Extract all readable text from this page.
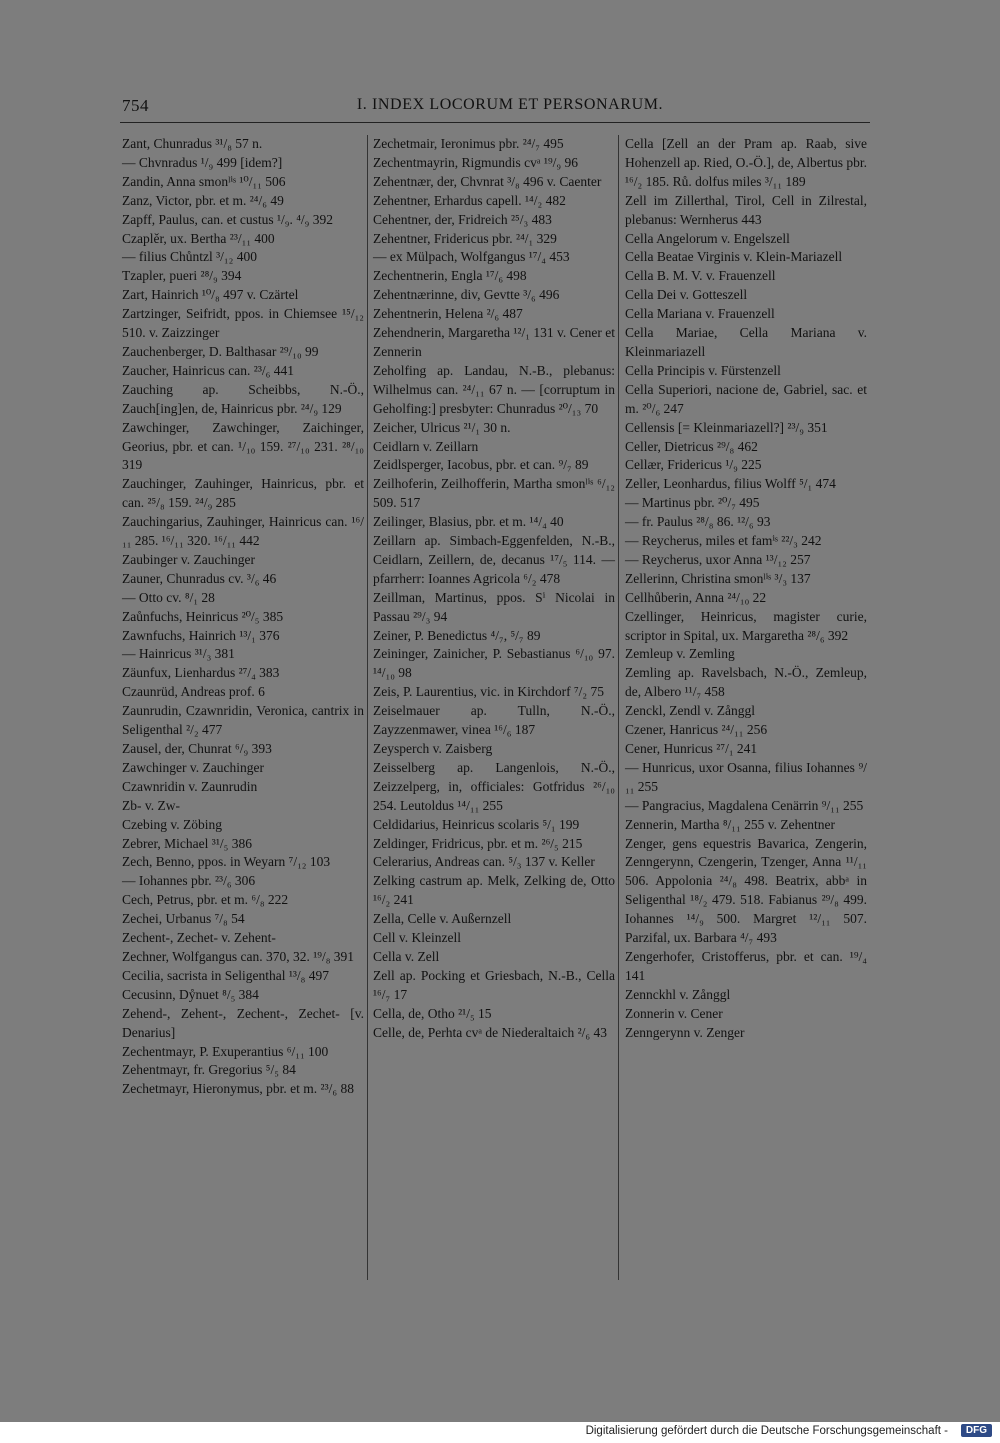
754	I. INDEX LOCORUM ET PERSONARUM.

Zant, Chunradus ³¹/₈ 57 n.

— Chvnradus ¹/₉ 499 [idem?]

Zandin, Anna smonˡⁱˢ ¹⁰/₁₁ 506

Zanz, Victor, pbr. et m. ²⁴/₆ 49

Zapff, Paulus, can. et custus ¹/₉. ⁴/₉ 392

Czaplěr, ux. Bertha ²³/₁₁ 400

— filius Chůntzl ³/₁₂ 400

Tzapler, pueri ²⁸/₉ 394

Zart, Hainrich ¹⁰/₈ 497 v. Czärtel

Zartzinger, Seifridt, ppos. in Chiemsee ¹⁵/₁₂ 510. v. Zaizzinger

Zauchenberger, D. Balthasar ²⁹/₁₀ 99

Zaucher, Hainricus can. ²³/₆ 441

Zauching ap. Scheibbs, N.-Ö., Zauch[ing]en, de, Hainricus pbr. ²⁴/₉ 129

Zawchinger, Zawchinger, Zaichinger, Georius, pbr. et can. ¹/₁₀ 159. ²⁷/₁₀ 231. ²⁸/₁₀ 319

Zauchinger, Zauhinger, Hainricus, pbr. et can. ²⁵/₈ 159. ²⁴/₉ 285

Zauchingarius, Zauhinger, Hainricus can. ¹⁶/₁₁ 285. ¹⁶/₁₁ 320. ¹⁶/₁₁ 442

Zaubinger v. Zauchinger

Zauner, Chunradus cv. ³/₆ 46

— Otto cv. ⁸/₁ 28

Zaůnfuchs, Heinricus ²⁰/₅ 385

Zawnfuchs, Hainrich ¹³/₁ 376

— Hainricus ³¹/₃ 381

Zäunfux, Lienhardus ²⁷/₄ 383

Czaunrüd, Andreas prof. 6

Zaunrudin, Czawnridin, Veronica, cantrix in Seligenthal ²/₂ 477

Zausel, der, Chunrat ⁶/₉ 393

Zawchinger v. Zauchinger

Czawnridin v. Zaunrudin

Zb- v. Zw-

Czebing v. Zöbing

Zebrer, Michael ³¹/₅ 386

Zech, Benno, ppos. in Weyarn ⁷/₁₂ 103

— Iohannes pbr. ²³/₆ 306

Cech, Petrus, pbr. et m. ⁶/₈ 222

Zechei, Urbanus ⁷/₈ 54

Zechent-, Zechet- v. Zehent-

Zechner, Wolfgangus can. 370, 32. ¹⁹/₈ 391

Cecilia, sacrista in Seligenthal ¹³/₈ 497

Cecusinn, Dẙnuet ⁸/₅ 384

Zehend-, Zehent-, Zechent-, Zechet- [v. Denarius]

Zechentmayr, P. Exuperantius ⁶/₁₁ 100

Zehentmayr, fr. Gregorius ⁵/₅ 84

Zechetmayr, Hieronymus, pbr. et m. ²³/₆ 88

Zechetmair, Ieronimus pbr. ²⁴/₇ 495

Zechentmayrin, Rigmundis cvᵃ ¹⁹/₉ 96

Zehentnær, der, Chvnrat ³/₈ 496 v. Caenter

Zehentner, Erhardus capell. ¹⁴/₂ 482

Cehentner, der, Fridreich ²⁵/₃ 483

Zehentner, Fridericus pbr. ²⁴/₁ 329

— ex Mülpach, Wolfgangus ¹⁷/₄ 453

Zechentnerin, Engla ¹⁷/₆ 498

Zehentnærinne, div, Gevtte ³/₆ 496

Zehentnerin, Helena ²/₆ 487

Zehendnerin, Margaretha ¹²/₁ 131 v. Cener et Zennerin

Zeholfing ap. Landau, N.-B., plebanus: Wilhelmus can. ²⁴/₁₁ 67 n. — [corruptum in Geholfing:] presbyter: Chunradus ²⁰/₁₃ 70

Zeicher, Ulricus ²¹/₁ 30 n.

Ceidlarn v. Zeillarn

Zeidlsperger, Iacobus, pbr. et can. ⁹/₇ 89

Zeilhoferin, Zeilhofferin, Martha smonˡⁱˢ ⁶/₁₂ 509. 517

Zeilinger, Blasius, pbr. et m. ¹⁴/₄ 40

Zeillarn ap. Simbach-Eggenfelden, N.-B., Ceidlarn, Zeillern, de, decanus ¹⁷/₅ 114. — pfarrherr: Ioannes Agricola ⁶/₂ 478

Zeillman, Martinus, ppos. Sⁱ Nicolai in Passau ²⁹/₃ 94

Zeiner, P. Benedictus ⁴/₇, ⁵/₇ 89

Zeininger, Zainicher, P. Sebastianus ⁶/₁₀ 97. ¹⁴/₁₀ 98

Zeis, P. Laurentius, vic. in Kirchdorf ⁷/₂ 75

Zeiselmauer ap. Tulln, N.-Ö., Zayzzenmawer, vinea ¹⁶/₆ 187

Zeysperch v. Zaisberg

Zeisselberg ap. Langenlois, N.-Ö., Zeizzelperg, in, officiales: Gotfridus ²⁶/₁₀ 254. Leutoldus ¹⁴/₁₁ 255

Celdidarius, Heinricus scolaris ⁵/₁ 199

Zeldinger, Fridricus, pbr. et m. ²⁶/₅ 215

Celerarius, Andreas can. ⁵/₃ 137 v. Keller

Zelking castrum ap. Melk, Zelking de, Otto ¹⁶/₂ 241

Zella, Celle v. Außernzell

Cell v. Kleinzell

Cella v. Zell

Zell ap. Pocking et Griesbach, N.-B., Cella ¹⁶/₇ 17

Cella, de, Otho ²¹/₅ 15

Celle, de, Perhta cvᵃ de Niederaltaich ²/₆ 43

Cella [Zell an der Pram ap. Raab, sive Hohenzell ap. Ried, O.-Ö.], de, Albertus pbr. ¹⁶/₂ 185. Rů. dolfus miles ³/₁₁ 189

Zell im Zillerthal, Tirol, Cell in Zilrestal, plebanus: Wernherus 443

Cella Angelorum v. Engelszell

Cella Beatae Virginis v. Klein-Mariazell

Cella B. M. V. v. Frauenzell

Cella Dei v. Gotteszell

Cella Mariana v. Frauenzell

Cella Mariae, Cella Mariana v. Kleinmariazell

Cella Principis v. Fürstenzell

Cella Superiori, nacione de, Gabriel, sac. et m. ²⁰/₆ 247

Cellensis [= Kleinmariazell?] ²³/₉ 351

Celler, Dietricus ²⁹/₈ 462

Cellær, Fridericus ¹/₉ 225

Zeller, Leonhardus, filius Wolff ⁵/₁ 474

— Martinus pbr. ²⁰/₇ 495

— fr. Paulus ²⁸/₈ 86. ¹²/₆ 93

— Reycherus, miles et famⁱˢ ²²/₃ 242

— Reycherus, uxor Anna ¹³/₁₂ 257

Zellerinn, Christina smonˡⁱˢ ³/₃ 137

Cellhůberin, Anna ²⁴/₁₀ 22

Czellinger, Heinricus, magister curie, scriptor in Spital, ux. Margaretha ²⁸/₆ 392

Zemleup v. Zemling

Zemling ap. Ravelsbach, N.-Ö., Zemleup, de, Albero ¹¹/₇ 458

Zenckl, Zendl v. Zånggl

Czener, Hanricus ²⁴/₁₁ 256

Cener, Hunricus ²⁷/₁ 241

— Hunricus, uxor Osanna, filius Iohannes ⁹/₁₁ 255

— Pangracius, Magdalena Cenärrin ⁹/₁₁ 255

Zennerin, Martha ⁸/₁₁ 255 v. Zehentner

Zenger, gens equestris Bavarica, Zengerin, Zenngerynn, Czengerin, Tzenger, Anna ¹¹/₁₁ 506. Appolonia ²⁴/₈ 498. Beatrix, abbᵃ in Seligenthal ¹⁸/₂ 479. 518. Fabianus ²⁹/₈ 499. Iohannes ¹⁴/₉ 500. Margret ¹²/₁₁ 507. Parzifal, ux. Barbara ⁴/₇ 493

Zengerhofer, Cristofferus, pbr. et can. ¹⁹/₄ 141

Zennckhl v. Zånggl

Zonnerin v. Cener

Zenngerynn v. Zenger

Digitalisierung gefördert durch die Deutsche Forschungsgemeinschaft -	DFG
